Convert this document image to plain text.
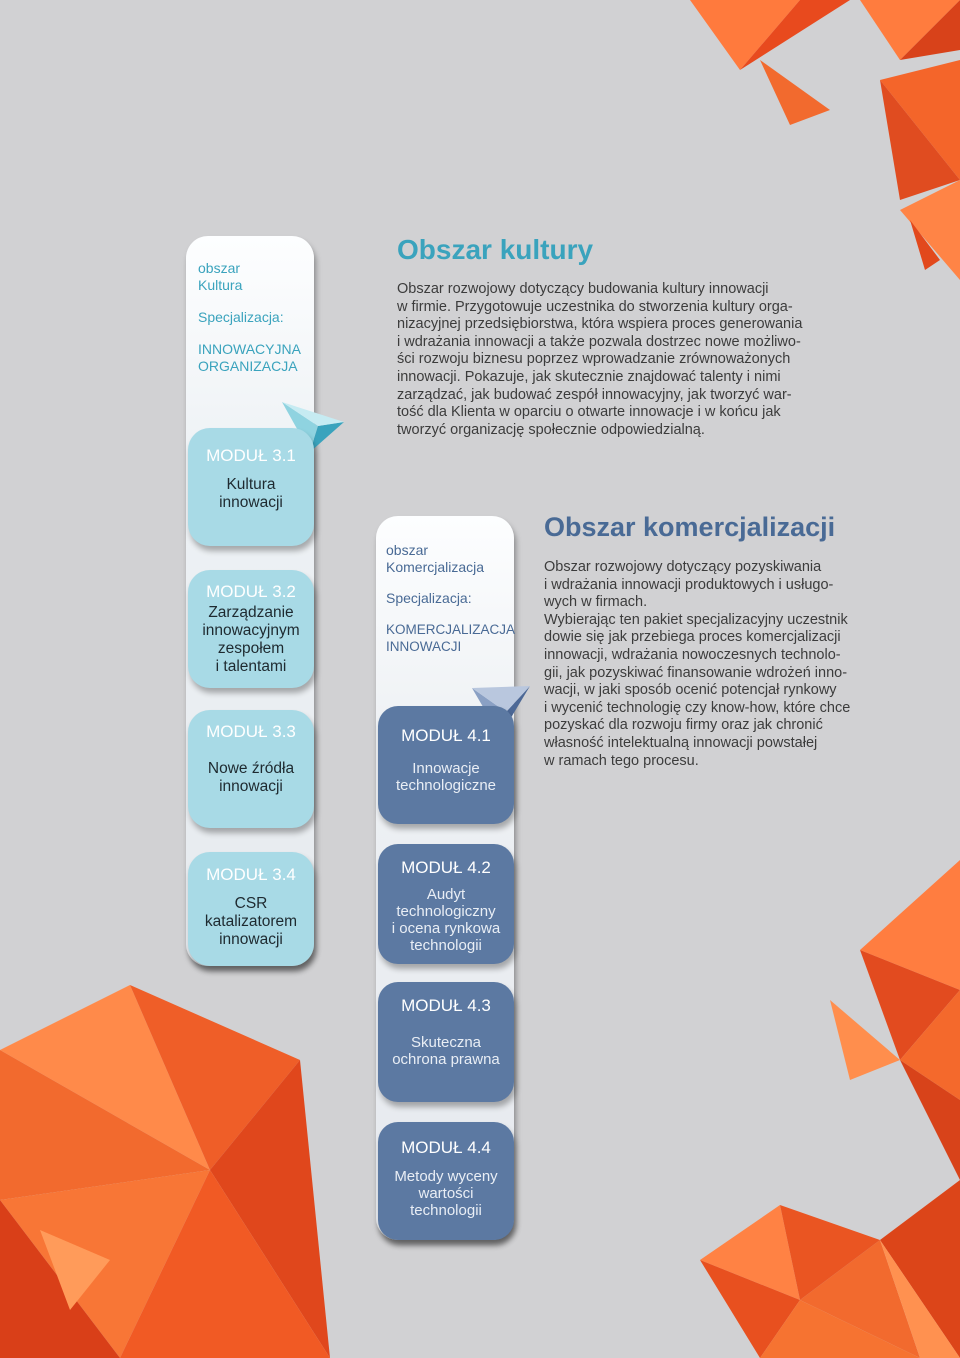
obszar

Kultura

Specjalizacja:

INNOWACYJNA

ORGANIZACJA

MODUŁ 3.1

Kultura

innowacji

MODUŁ 3.2

Zarządzanie

innowacyjnym

zespołem

i talentami

MODUŁ 3.3

Nowe źródła

innowacji

MODUŁ 3.4

CSR

katalizatorem

innowacji

Obszar kultury

Obszar rozwojowy dotyczący budowania kultury innowacji

w firmie. Przygotowuje uczestnika do stworzenia kultury orga-

nizacyjnej przedsiębiorstwa, która wspiera proces generowania

i wdrażania innowacji a także pozwala dostrzec nowe możliwo-

ści rozwoju biznesu poprzez wprowadzanie zrównoważonych

innowacji. Pokazuje, jak skutecznie znajdować talenty i nimi

zarządzać, jak budować zespół innowacyjny, jak tworzyć war-

tość dla Klienta w oparciu o otwarte innowacje i w końcu jak

tworzyć organizację społecznie odpowiedzialną.

obszar

Komercjalizacja

Specjalizacja:

KOMERCJALIZACJA

INNOWACJI

MODUŁ 4.1

Innowacje

technologiczne

MODUŁ 4.2

Audyt

technologiczny

i ocena rynkowa

technologii

MODUŁ 4.3

Skuteczna

ochrona prawna

MODUŁ 4.4

Metody wyceny

wartości

technologii

Obszar komercjalizacji

Obszar rozwojowy dotyczący pozyskiwania

i wdrażania innowacji produktowych i usługo-

wych w firmach.

Wybierając ten pakiet specjalizacyjny uczestnik

dowie się jak przebiega proces komercjalizacji

innowacji, wdrażania nowoczesnych technolo-

gii, jak pozyskiwać finansowanie wdrożeń inno-

wacji, w jaki sposób ocenić potencjał rynkowy

i wycenić technologię czy know-how, które chce

pozyskać dla rozwoju firmy oraz jak chronić

własność intelektualną innowacji powstałej

w ramach tego procesu.
